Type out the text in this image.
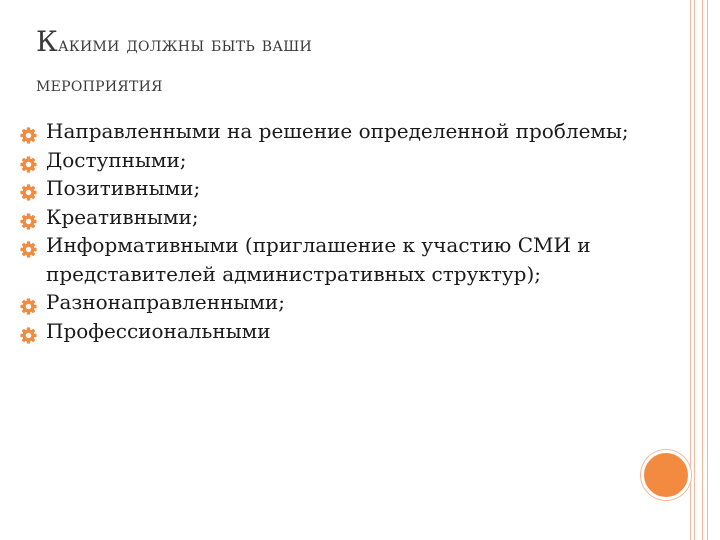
Какими должны быть ваши
мероприятия
Направленными на решение определенной проблемы;
Доступными;
Позитивными;
Креативными;
Информативными (приглашение к участию СМИ и представителей административных структур);
Разнонаправленными;
Профессиональными
